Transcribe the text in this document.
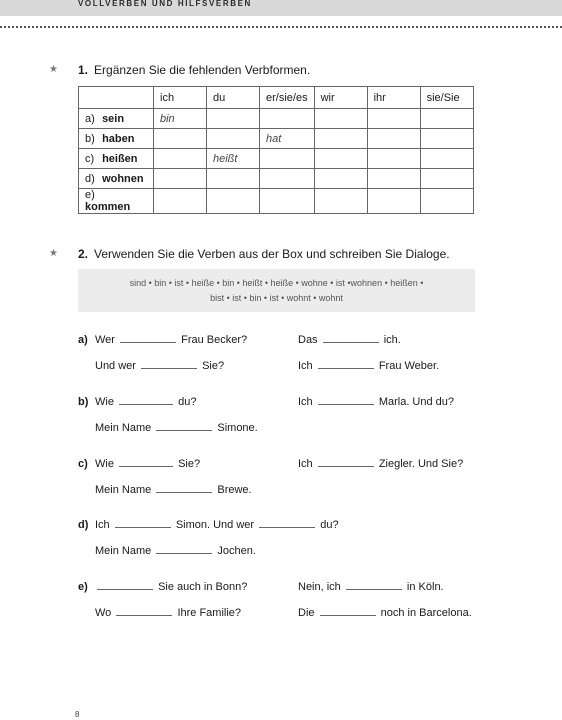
VOLLVERBEN UND HILFSVERBEN
★ 1. Ergänzen Sie die fehlenden Verbformen.
	ich	du	er/sie/es	wir	ihr	sie/Sie
a) sein	bin					
b) haben			hat			
c) heißen		heißt				
d) wohnen						
e) kommen						
★ 2. Verwenden Sie die Verben aus der Box und schreiben Sie Dialoge.
sind • bin • ist • heiße • bin • heißt • heiße • wohne • ist •wohnen • heißen •
bist • ist • bin • ist • wohnt • wohnt
a) Wer	Frau Becker?	Das	ich.
Und wer	Sie?	Ich	Frau Weber.
b) Wie	du?	Ich	Marla. Und du?
Mein Name	Simone.
c) Wie	Sie?	Ich	Ziegler. Und Sie?
Mein Name	Brewe.
d) Ich	Simon. Und wer	du?
Mein Name	Jochen.
e)	Sie auch in Bonn?	Nein, ich	in Köln.
Wo	Ihre Familie?	Die	noch in Barcelona.
8
